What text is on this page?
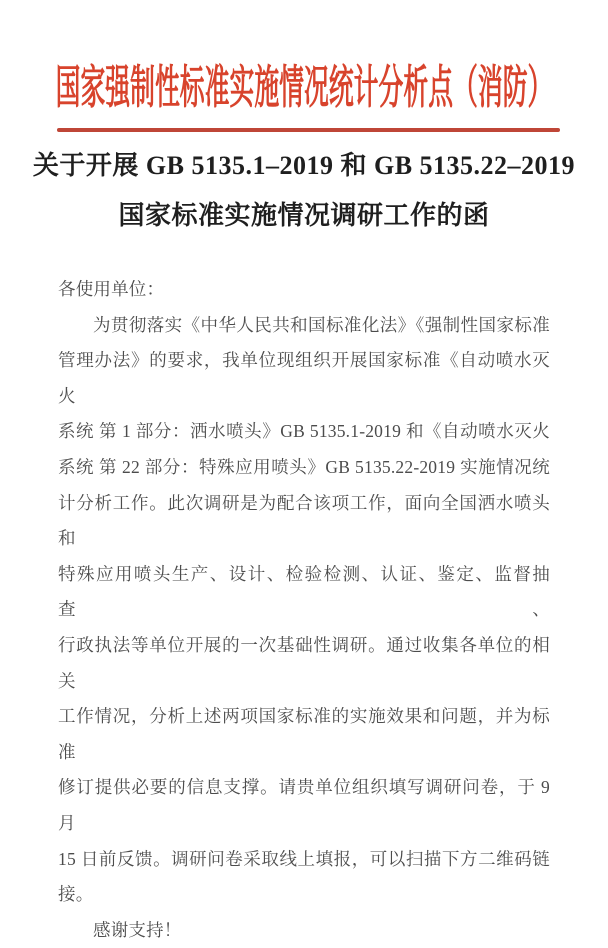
国家强制性标准实施情况统计分析点（消防）
关于开展 GB 5135.1–2019 和 GB 5135.22–2019
国家标准实施情况调研工作的函
各使用单位：
为贯彻落实《中华人民共和国标准化法》《强制性国家标准
管理办法》的要求，我单位现组织开展国家标准《自动喷水灭火
系统 第 1 部分：洒水喷头》GB 5135.1-2019 和《自动喷水灭火
系统 第 22 部分：特殊应用喷头》GB 5135.22-2019 实施情况统
计分析工作。此次调研是为配合该项工作，面向全国洒水喷头和
特殊应用喷头生产、设计、检验检测、认证、鉴定、监督抽查、
行政执法等单位开展的一次基础性调研。通过收集各单位的相关
工作情况，分析上述两项国家标准的实施效果和问题，并为标准
修订提供必要的信息支撑。请贵单位组织填写调研问卷，于 9 月
15 日前反馈。调研问卷采取线上填报，可以扫描下方二维码链
接。
感谢支持！
